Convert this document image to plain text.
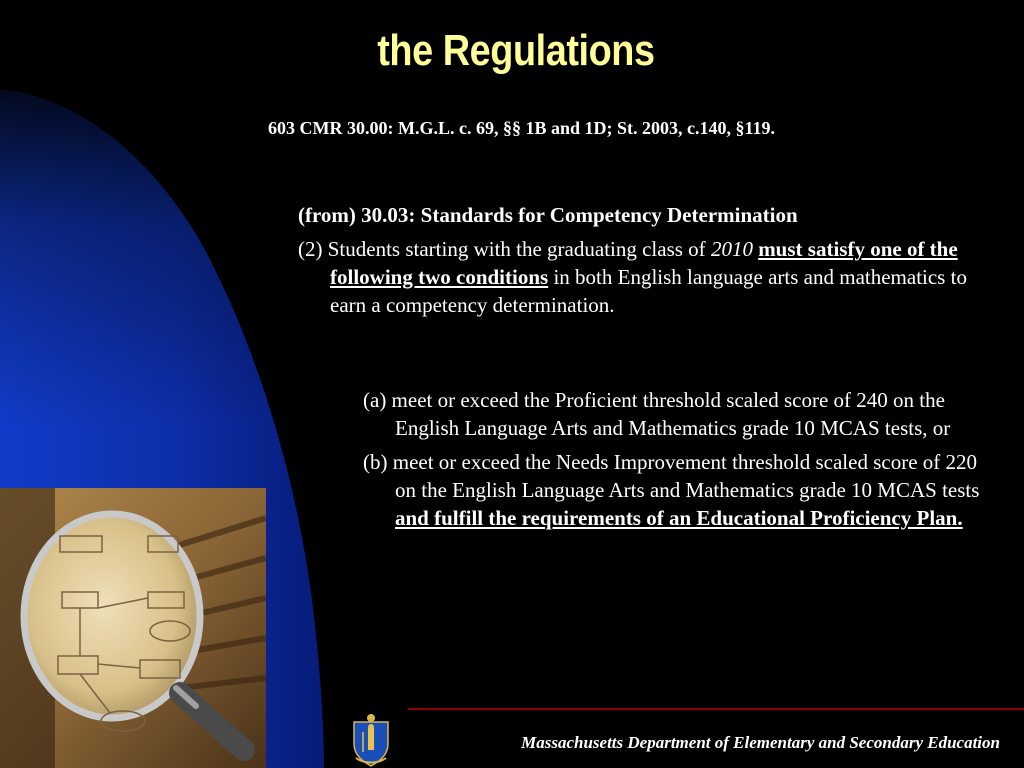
the Regulations
603 CMR 30.00: M.G.L. c. 69, §§ 1B and 1D; St. 2003, c.140, §119.

(from) 30.03: Standards for Competency Determination

(2) Students starting with the graduating class of 2010 must satisfy one of the following two conditions in both English language arts and mathematics to earn a competency determination.

(a) meet or exceed the Proficient threshold scaled score of 240 on the English Language Arts and Mathematics grade 10 MCAS tests, or

(b) meet or exceed the Needs Improvement threshold scaled score of 220 on the English Language Arts and Mathematics grade 10 MCAS tests and fulfill the requirements of an Educational Proficiency Plan.

Massachusetts Department of Elementary and Secondary Education
